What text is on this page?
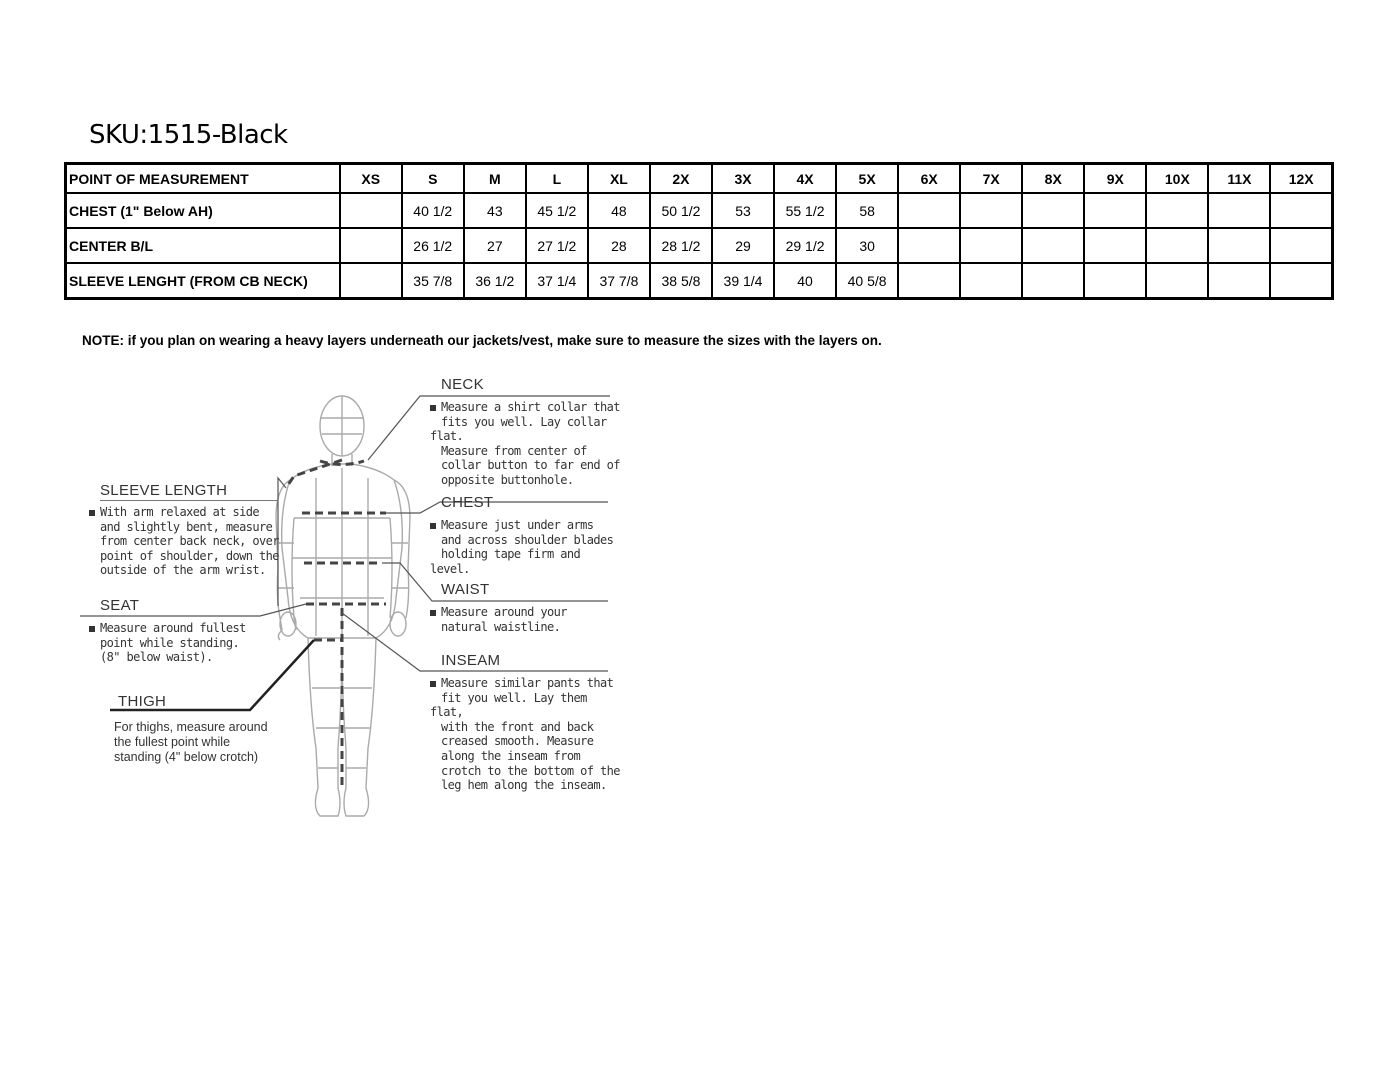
SKU:1515-Black
POINT OF MEASUREMENT	XS	S	M	L	XL	2X	3X	4X	5X	6X	7X	8X	9X	10X	11X	12X
CHEST (1" Below AH)		40 1/2	43	45 1/2	48	50 1/2	53	55 1/2	58							
CENTER B/L		26 1/2	27	27 1/2	28	28 1/2	29	29 1/2	30							
SLEEVE LENGHT (FROM CB NECK)		35 7/8	36 1/2	37 1/4	37 7/8	38 5/8	39 1/4	40	40 5/8							
NOTE: if you plan on wearing a heavy layers underneath our jackets/vest, make sure to measure the sizes with the layers on.
NECK
Measure a shirt collar that
fits you well. Lay collar flat.
Measure from center of
collar button to far end of
opposite buttonhole.
CHEST
Measure just under arms
and across shoulder blades
holding tape firm and level.
WAIST
Measure around your
natural waistline.
INSEAM
Measure similar pants that
fit you well. Lay them flat,
with the front and back
creased smooth. Measure
along the inseam from
crotch to the bottom of the
leg hem along the inseam.
SLEEVE LENGTH
With arm relaxed at side
and slightly bent, measure
from center back neck, over
point of shoulder, down the
outside of the arm wrist.
SEAT
Measure around fullest
point while standing.
(8" below waist).
THIGH
For thighs, measure around
the fullest point while
standing (4" below crotch)
